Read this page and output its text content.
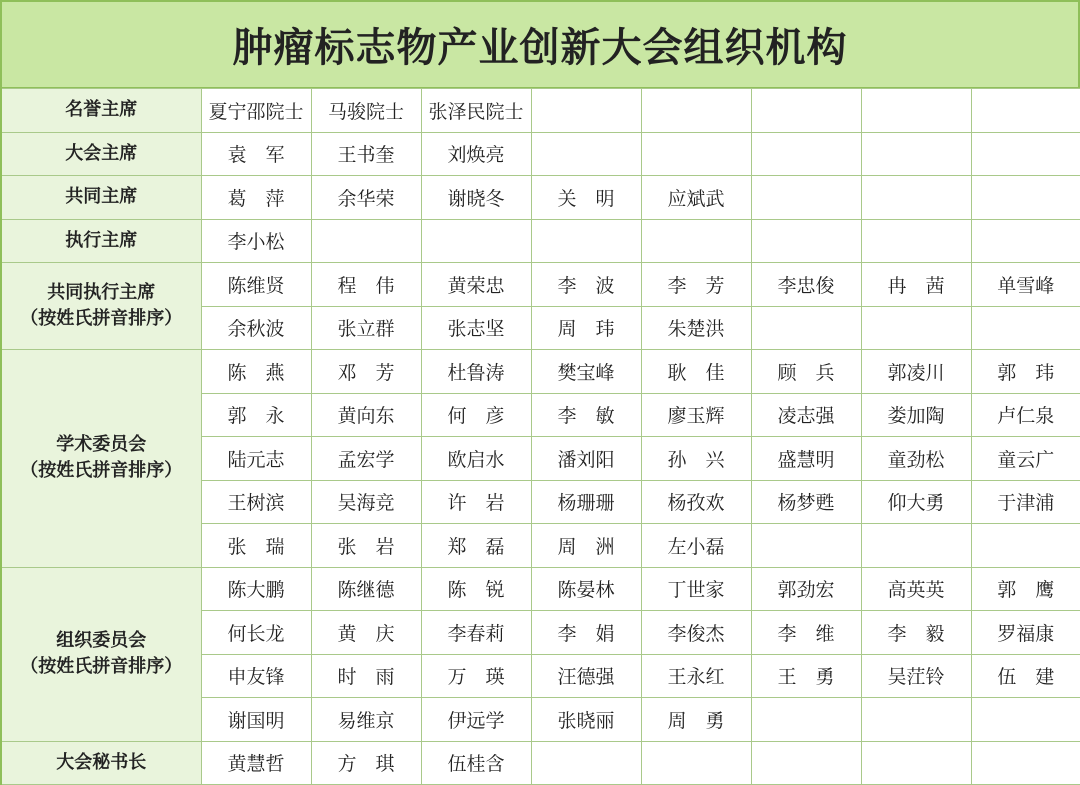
肿瘤标志物产业创新大会组织机构
名誉主席	夏宁邵院士	马骏院士	张泽民院士					

大会主席	袁　军	王书奎	刘焕亮					

共同主席	葛　萍	余华荣	谢晓冬	关　明	应斌武			

执行主席	李小松							

共同执行主席
（按姓氏拼音排序）	陈维贤	程　伟	黄荣忠	李　波	李　芳	李忠俊	冉　茜	单雪峰
	余秋波	张立群	张志坚	周　玮	朱楚洪			

学术委员会
（按姓氏拼音排序）	陈　燕	邓　芳	杜鲁涛	樊宝峰	耿　佳	顾　兵	郭凌川	郭　玮
	郭　永	黄向东	何　彦	李　敏	廖玉辉	凌志强	娄加陶	卢仁泉
	陆元志	孟宏学	欧启水	潘刘阳	孙　兴	盛慧明	童劲松	童云广
	王树滨	吴海竞	许　岩	杨珊珊	杨孜欢	杨梦甦	仰大勇	于津浦
	张　瑞	张　岩	郑　磊	周　洲	左小磊			

组织委员会
（按姓氏拼音排序）	陈大鹏	陈继德	陈　锐	陈晏林	丁世家	郭劲宏	高英英	郭　鹰
	何长龙	黄　庆	李春莉	李　娟	李俊杰	李　维	李　毅	罗福康
	申友锋	时　雨	万　瑛	汪德强	王永红	王　勇	吴茳铃	伍　建
	谢国明	易维京	伊远学	张晓丽	周　勇			

大会秘书长	黄慧哲	方　琪	伍桂含					
